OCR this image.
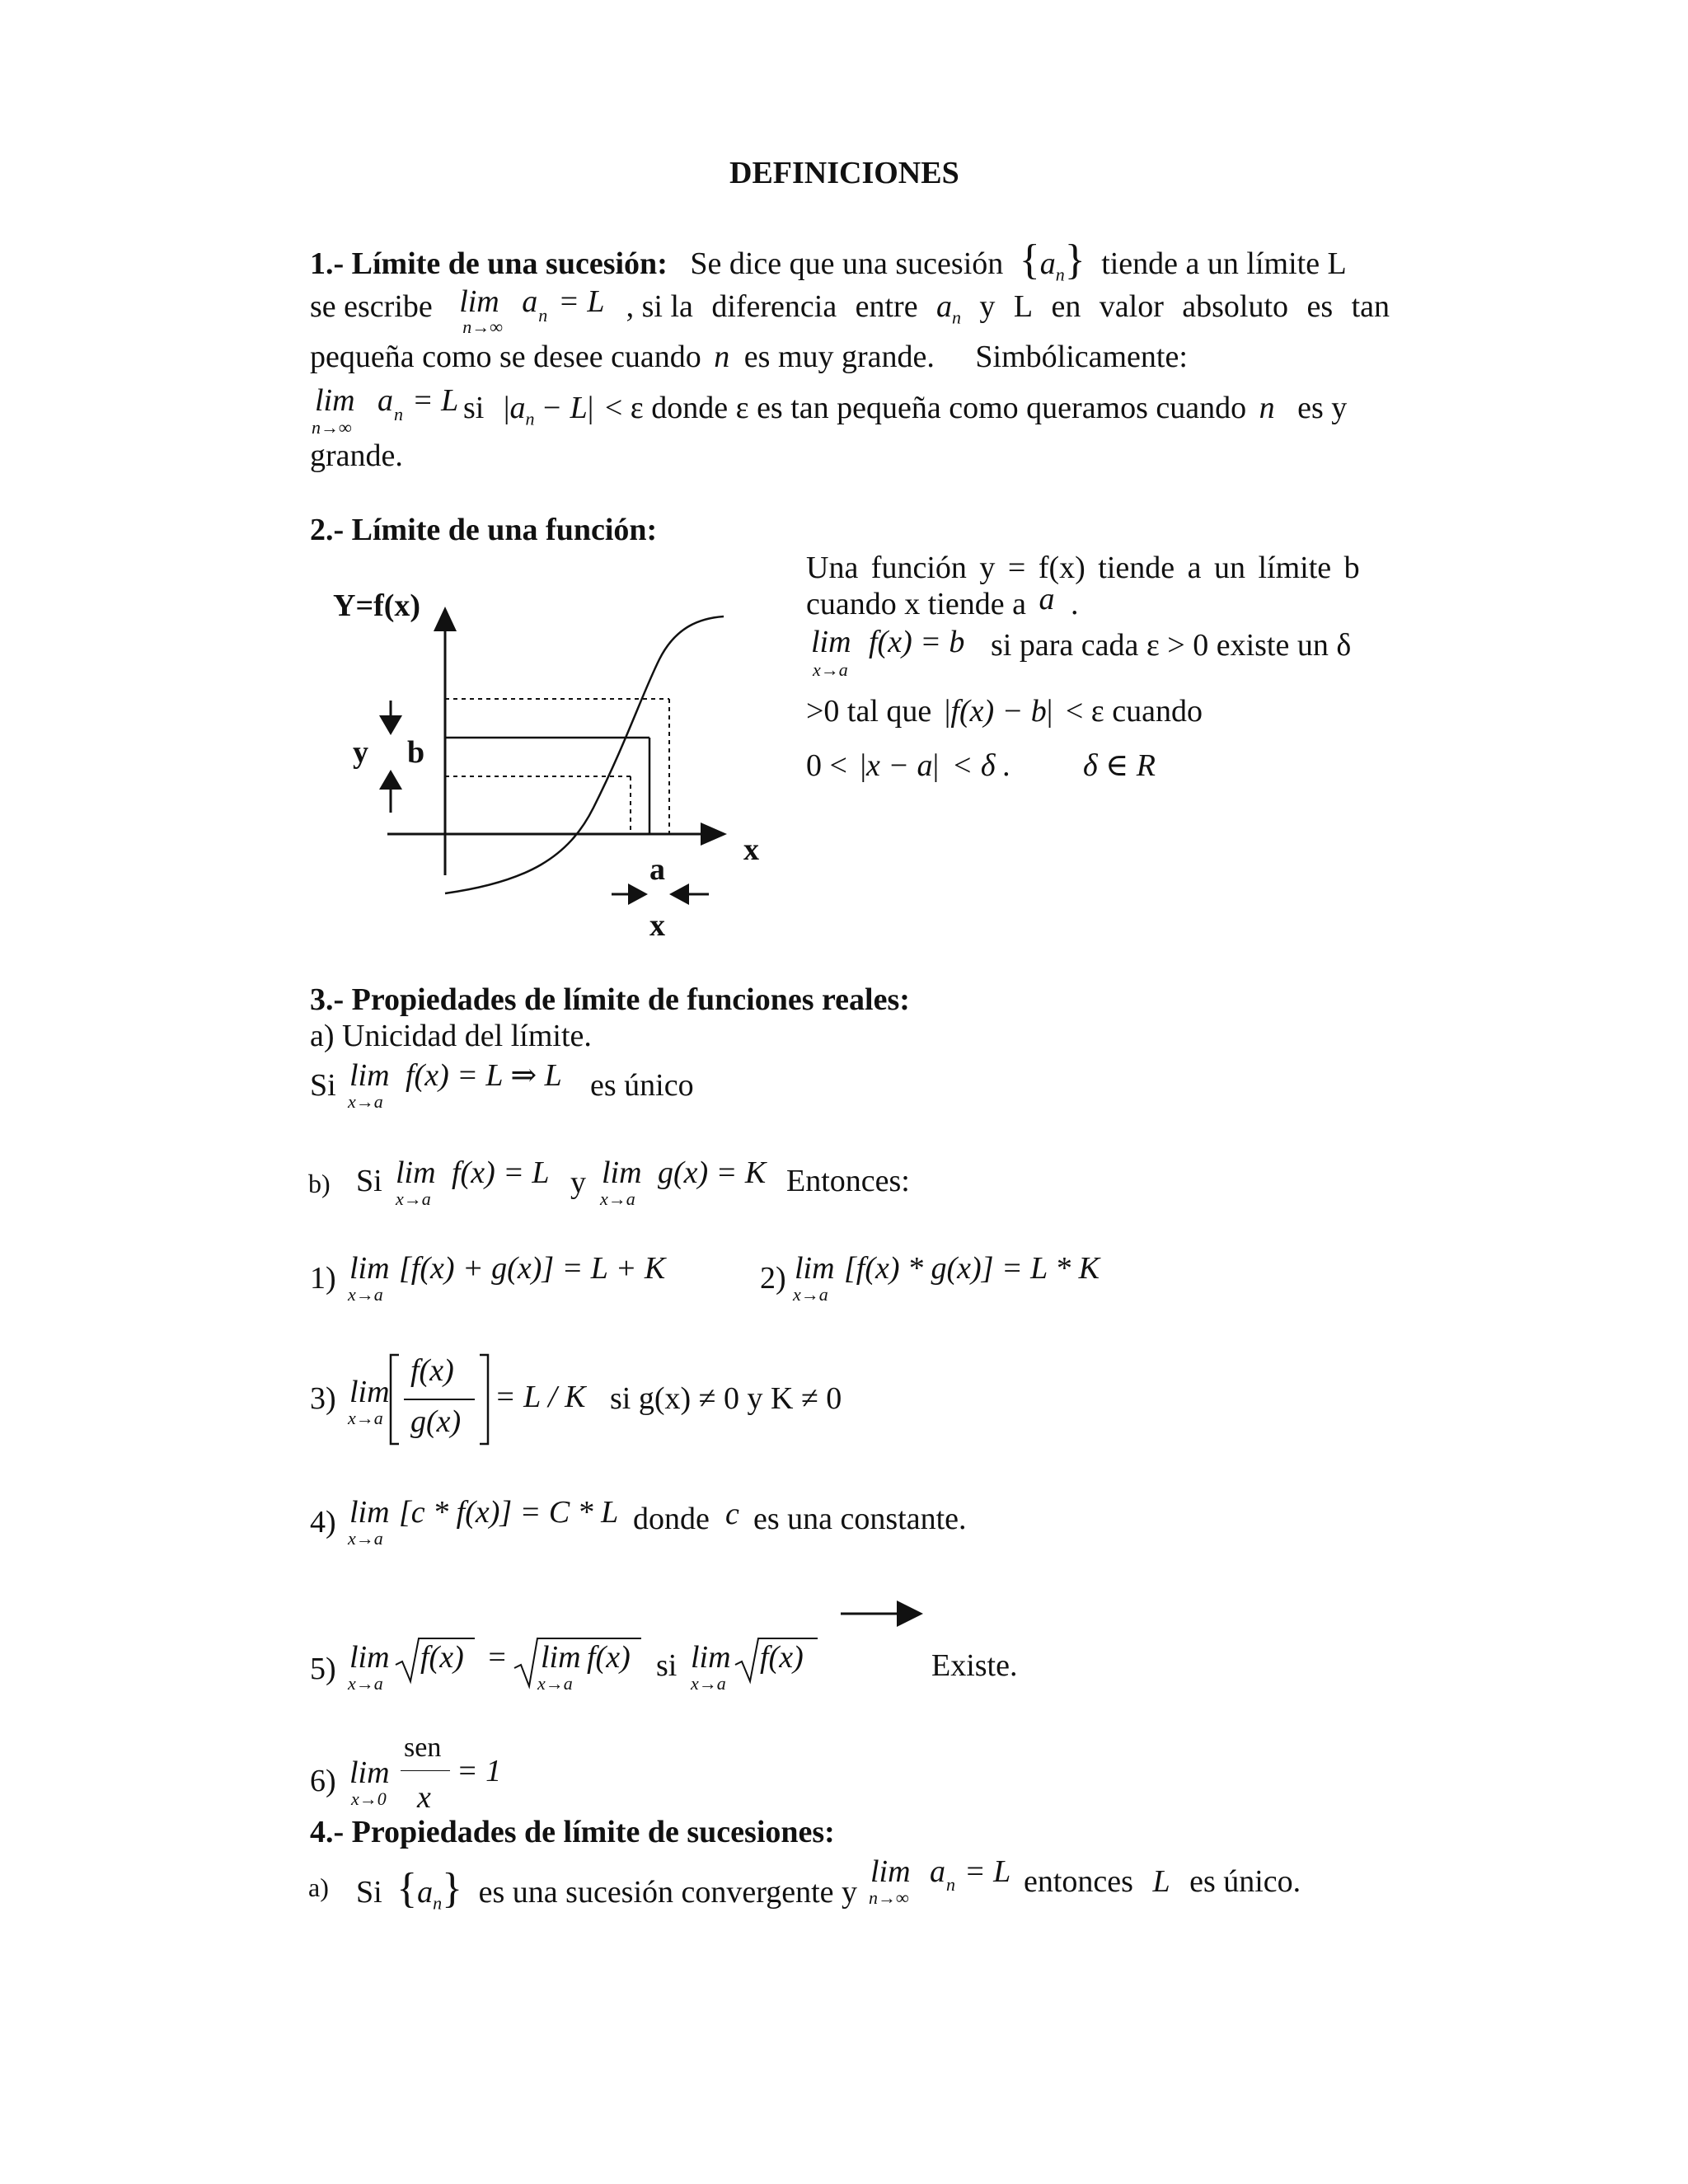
DEFINICIONES
1.- Límite de una sucesión: Se dice que una sucesión $\{a_n\}$ tiende a un límite L
se escribe lim a n = L
n→∞
, si la diferencia entre $a_n$ y L en valor absoluto es tan
pequeña como se desee cuando n es muy grande. Simbólicamente:
lim a n = L
n→∞
si $|a_n - L| < \varepsilon$ donde ε es tan pequeña como queramos cuando n es y
grande.
2.- Límite de una función:
Y=f(x)
y b
a
x
x
Una función y = f(x) tiende a un límite b
cuando x tiende a a .
lim f(x) = b
x→a
si para cada ε > 0 existe un δ
>0 tal que |f(x) − b| < ε cuando
0 < |x − a| < δ . δ ∈ R
3.- Propiedades de límite de funciones reales:
a) Unicidad del límite.
Si lim f(x) = L ⇒ L
x→a	es único
b) Si lim f(x) = L
x→a	y lim g(x) = K
x→a
Entonces:
1) lim [f(x) + g(x)] = L + K
x→a	2) lim [f(x) * g(x)] = L * K
x→a
3) lim
x→a
f(x)
g(x)
= L / K si g(x) ≠ 0 y K ≠ 0
4) lim [c * f(x)] = C * L
x→a
donde c es una constante.
5) lim
x→a
f(x) = lim f(x)
x→a
si lim
x→a
f(x)	Existe.
6) lim
x→0
sen
x
= 1
4.- Propiedades de límite de sucesiones:
a) Si $\{a_n\}$ es una sucesión convergente y
lim a n = L
n→∞	entonces L es único.
